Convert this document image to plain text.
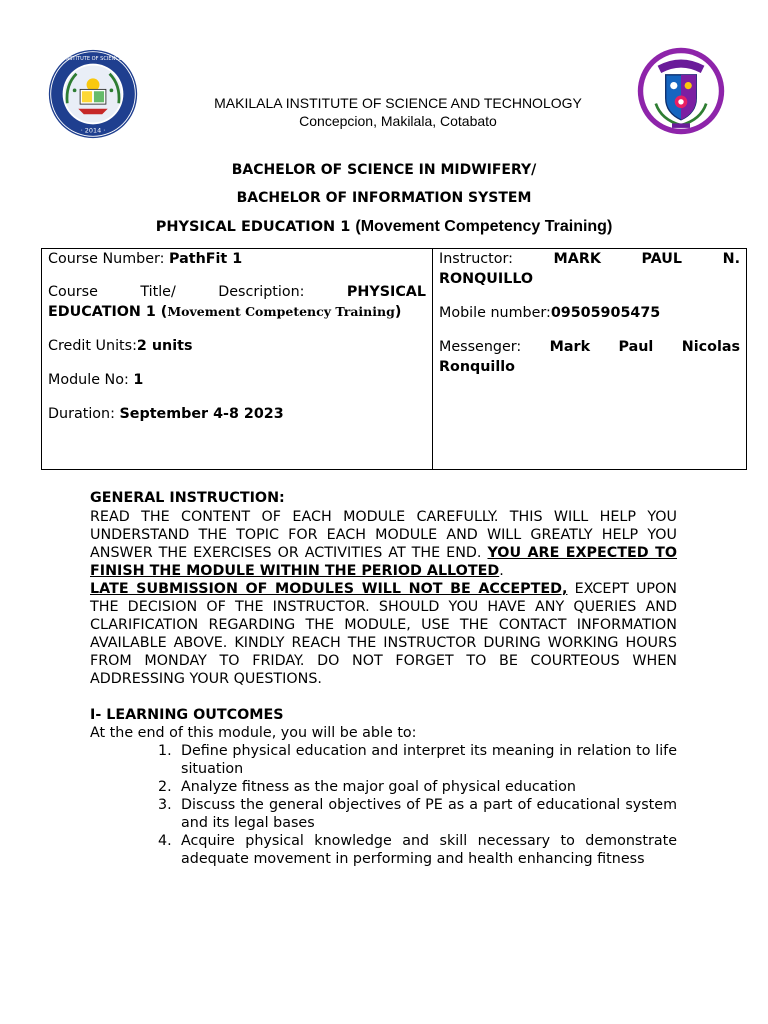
· 2014 ·
INSTITUTE OF SCIENCE
MAKILALA INSTITUTE OF SCIENCE AND TECHNOLOGY
Concepcion, Makilala, Cotabato
BACHELOR OF SCIENCE IN MIDWIFERY/
BACHELOR OF INFORMATION SYSTEM
PHYSICAL EDUCATION 1 (Movement Competency Training)

Course Number: PathFit 1

Course	Title/	Description:	PHYSICAL

EDUCATION 1 (Movement Competency Training)

Credit Units:2 units

Module No: 1

Duration: September 4-8 2023

Instructor:	MARK	PAUL	N.

RONQUILLO

Mobile number:09505905475

Messenger: Mark Paul Nicolas

Ronquillo

GENERAL INSTRUCTION:
READ THE CONTENT OF EACH MODULE CAREFULLY. THIS WILL HELP YOU UNDERSTAND THE TOPIC FOR EACH MODULE AND WILL GREATLY HELP YOU ANSWER THE EXERCISES OR ACTIVITIES AT THE END. YOU ARE EXPECTED TO FINISH THE MODULE WITHIN THE PERIOD ALLOTED.
LATE SUBMISSION OF MODULES WILL NOT BE ACCEPTED, EXCEPT UPON THE DECISION OF THE INSTRUCTOR. SHOULD YOU HAVE ANY QUERIES AND CLARIFICATION REGARDING THE MODULE, USE THE CONTACT INFORMATION AVAILABLE ABOVE. KINDLY REACH THE INSTRUCTOR DURING WORKING HOURS FROM MONDAY TO FRIDAY. DO NOT FORGET TO BE COURTEOUS WHEN ADDRESSING YOUR QUESTIONS.
I- LEARNING OUTCOMES
At the end of this module, you will be able to:
1. Define physical education and interpret its meaning in relation to life situation
2. Analyze fitness as the major goal of physical education
3. Discuss the general objectives of PE as a part of educational system and its legal bases
4. Acquire physical knowledge and skill necessary to demonstrate adequate movement in performing and health enhancing fitness
